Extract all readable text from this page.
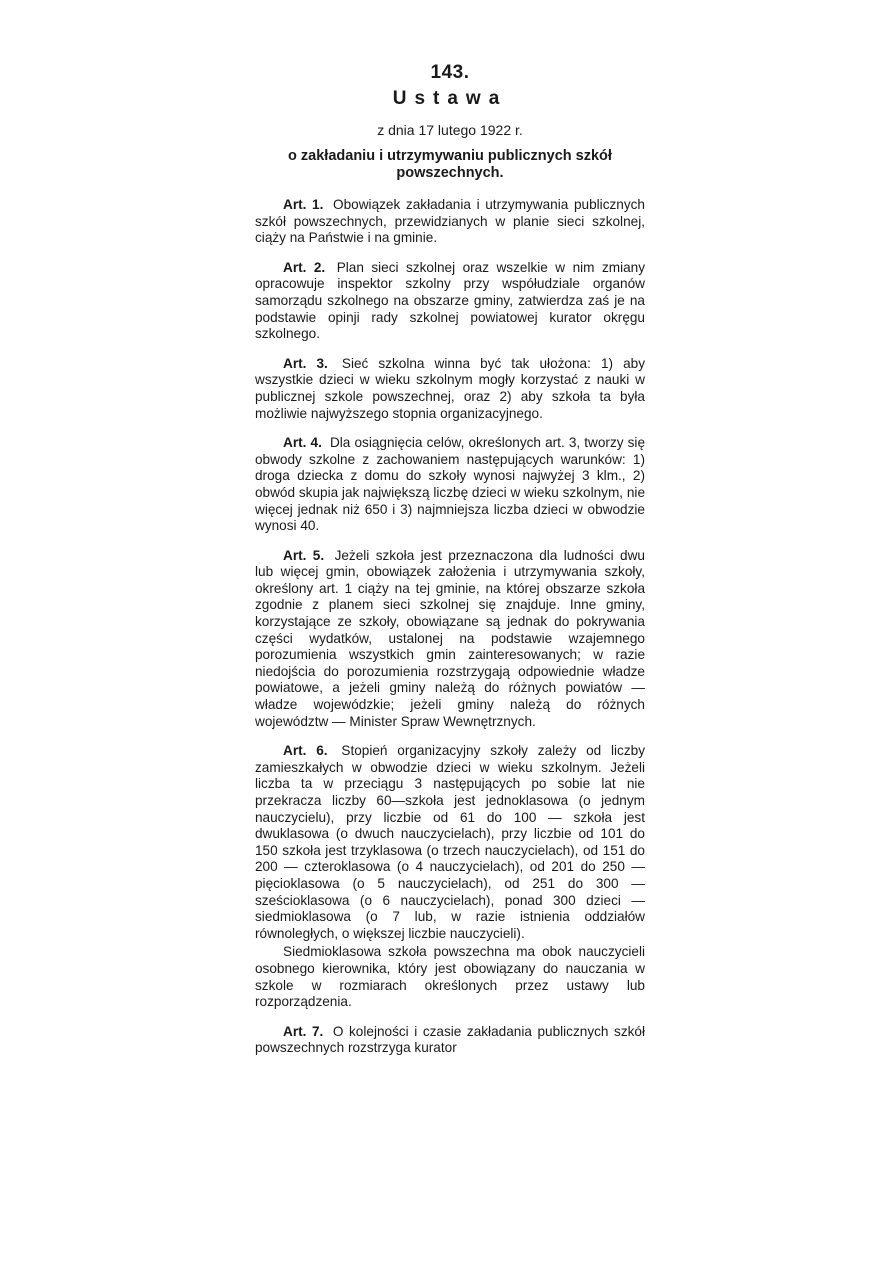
143.
Ustawa
z dnia 17 lutego 1922 r.
o zakładaniu i utrzymywaniu publicznych szkół powszechnych.

Art. 1. Obowiązek zakładania i utrzymywania publicznych szkół powszechnych, przewidzianych w planie sieci szkolnej, ciąży na Państwie i na gminie.

Art. 2. Plan sieci szkolnej oraz wszelkie w nim zmiany opracowuje inspektor szkolny przy współudziale organów samorządu szkolnego na obszarze gminy, zatwierdza zaś je na podstawie opinji rady szkolnej powiatowej kurator okręgu szkolnego.

Art. 3. Sieć szkolna winna być tak ułożona: 1) aby wszystkie dzieci w wieku szkolnym mogły korzystać z nauki w publicznej szkole powszechnej, oraz 2) aby szkoła ta była możliwie najwyższego stopnia organizacyjnego.

Art. 4. Dla osiągnięcia celów, określonych art. 3, tworzy się obwody szkolne z zachowaniem następujących warunków: 1) droga dziecka z domu do szkoły wynosi najwyżej 3 klm., 2) obwód skupia jak największą liczbę dzieci w wieku szkolnym, nie więcej jednak niż 650 i 3) najmniejsza liczba dzieci w obwodzie wynosi 40.

Art. 5. Jeżeli szkoła jest przeznaczona dla ludności dwu lub więcej gmin, obowiązek założenia i utrzymywania szkoły, określony art. 1 ciąży na tej gminie, na której obszarze szkoła zgodnie z planem sieci szkolnej się znajduje. Inne gminy, korzystające ze szkoły, obowiązane są jednak do pokrywania części wydatków, ustalonej na podstawie wzajemnego porozumienia wszystkich gmin zainteresowanych; w razie niedojścia do porozumienia rozstrzygają odpowiednie władze powiatowe, a jeżeli gminy należą do różnych powiatów — władze wojewódzkie; jeżeli gminy należą do różnych województw — Minister Spraw Wewnętrznych.

Art. 6. Stopień organizacyjny szkoły zależy od liczby zamieszkałych w obwodzie dzieci w wieku szkolnym. Jeżeli liczba ta w przeciągu 3 następujących po sobie lat nie przekracza liczby 60—szkoła jest jednoklasowa (o jednym nauczycielu), przy liczbie od 61 do 100 — szkoła jest dwuklasowa (o dwuch nauczycielach), przy liczbie od 101 do 150 szkoła jest trzyklasowa (o trzech nauczycielach), od 151 do 200 — czteroklasowa (o 4 nauczycielach), od 201 do 250 — pięcioklasowa (o 5 nauczycielach), od 251 do 300 — sześcioklasowa (o 6 nauczycielach), ponad 300 dzieci — siedmioklasowa (o 7 lub, w razie istnienia oddziałów równoległych, o większej liczbie nauczycieli).

Siedmioklasowa szkoła powszechna ma obok nauczycieli osobnego kierownika, który jest obowiązany do nauczania w szkole w rozmiarach określonych przez ustawy lub rozporządzenia.

Art. 7. O kolejności i czasie zakładania publicznych szkół powszechnych rozstrzyga kurator
